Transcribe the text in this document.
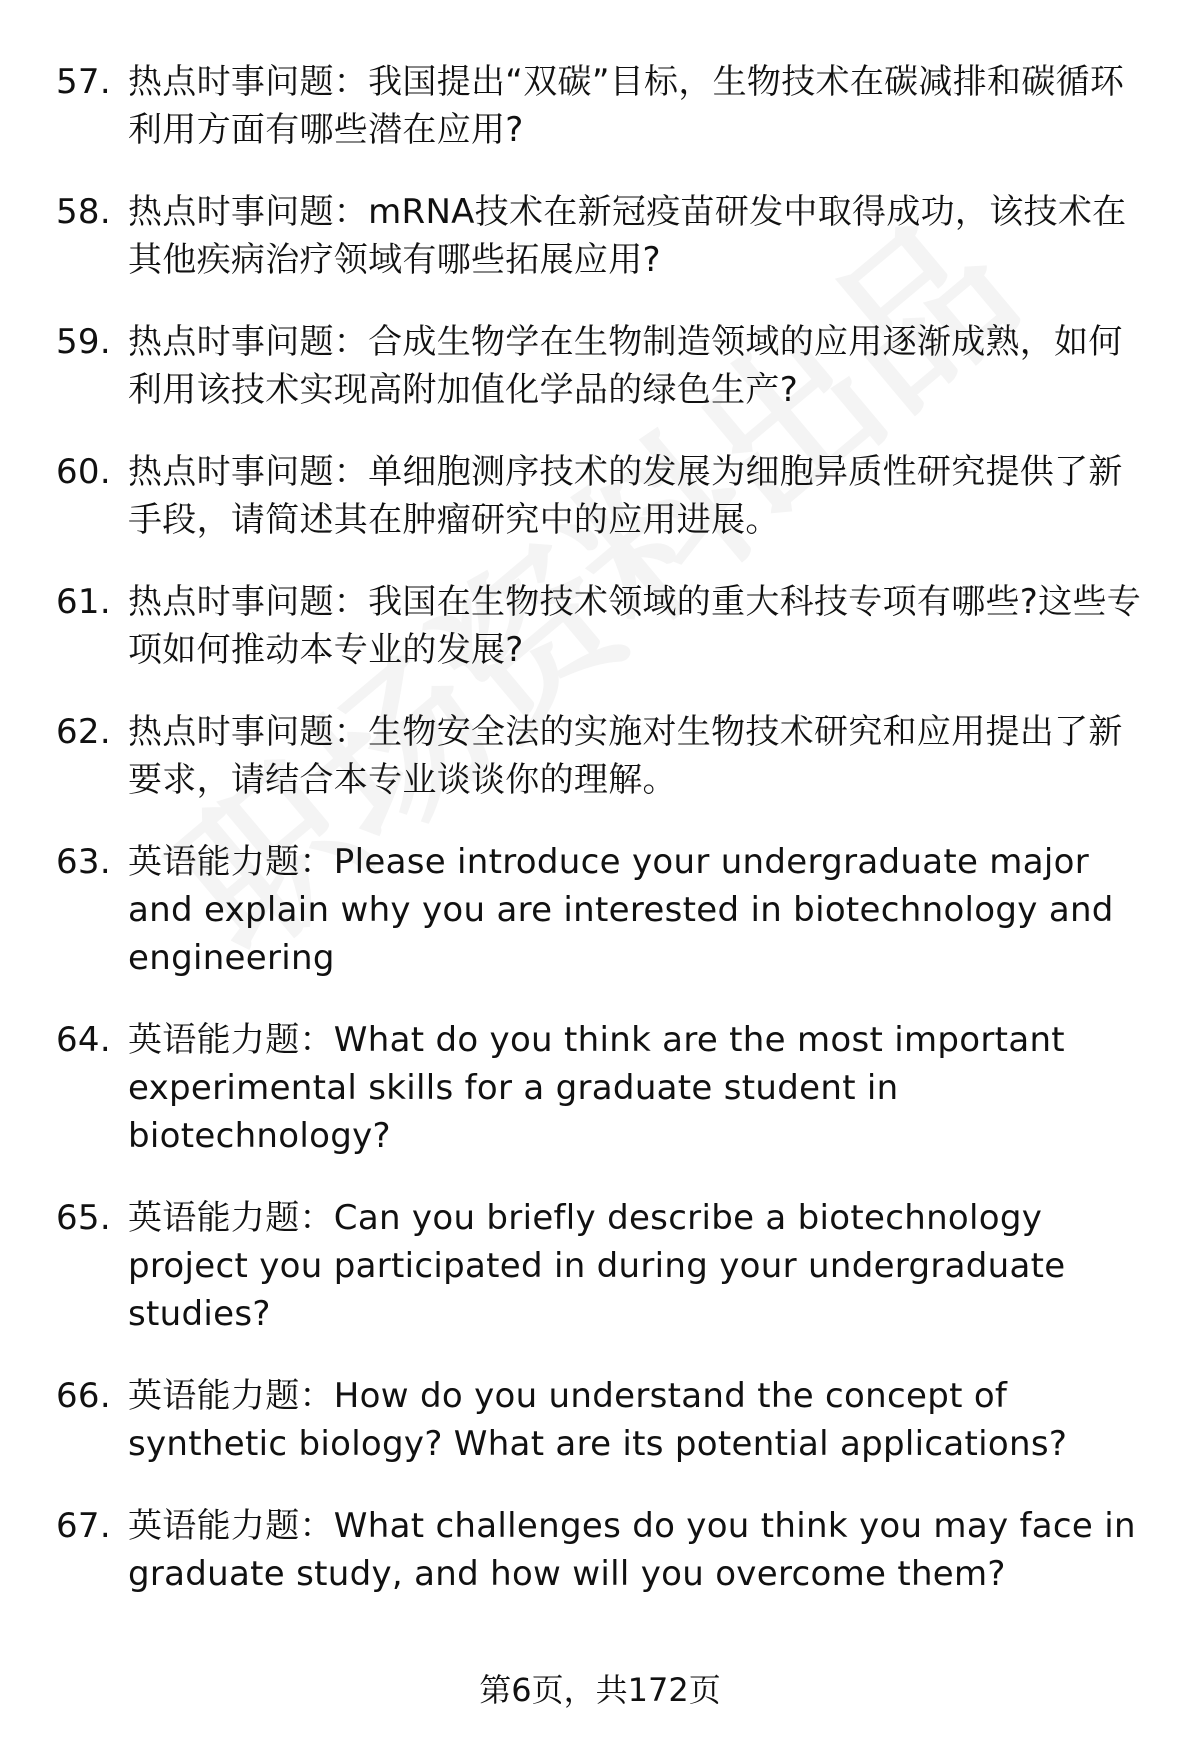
57. 热点时事问题：我国提出“双碳”目标，生物技术在碳减排和碳循环利用方面有哪些潜在应用?
58. 热点时事问题：mRNA技术在新冠疫苗研发中取得成功，该技术在其他疾病治疗领域有哪些拓展应用?
59. 热点时事问题：合成生物学在生物制造领域的应用逐渐成熟，如何利用该技术实现高附加值化学品的绿色生产?
60. 热点时事问题：单细胞测序技术的发展为细胞异质性研究提供了新手段，请简述其在肿瘤研究中的应用进展。
61. 热点时事问题：我国在生物技术领域的重大科技专项有哪些?这些专项如何推动本专业的发展?
62. 热点时事问题：生物安全法的实施对生物技术研究和应用提出了新要求，请结合本专业谈谈你的理解。
63. 英语能力题：Please introduce your undergraduate major and explain why you are interested in biotechnology and engineering
64. 英语能力题：What do you think are the most important experimental skills for a graduate student in biotechnology?
65. 英语能力题：Can you briefly describe a biotechnology project you participated in during your undergraduate studies?
66. 英语能力题：How do you understand the concept of synthetic biology? What are its potential applications?
67. 英语能力题：What challenges do you think you may face in graduate study, and how will you overcome them?
第6页，共172页
